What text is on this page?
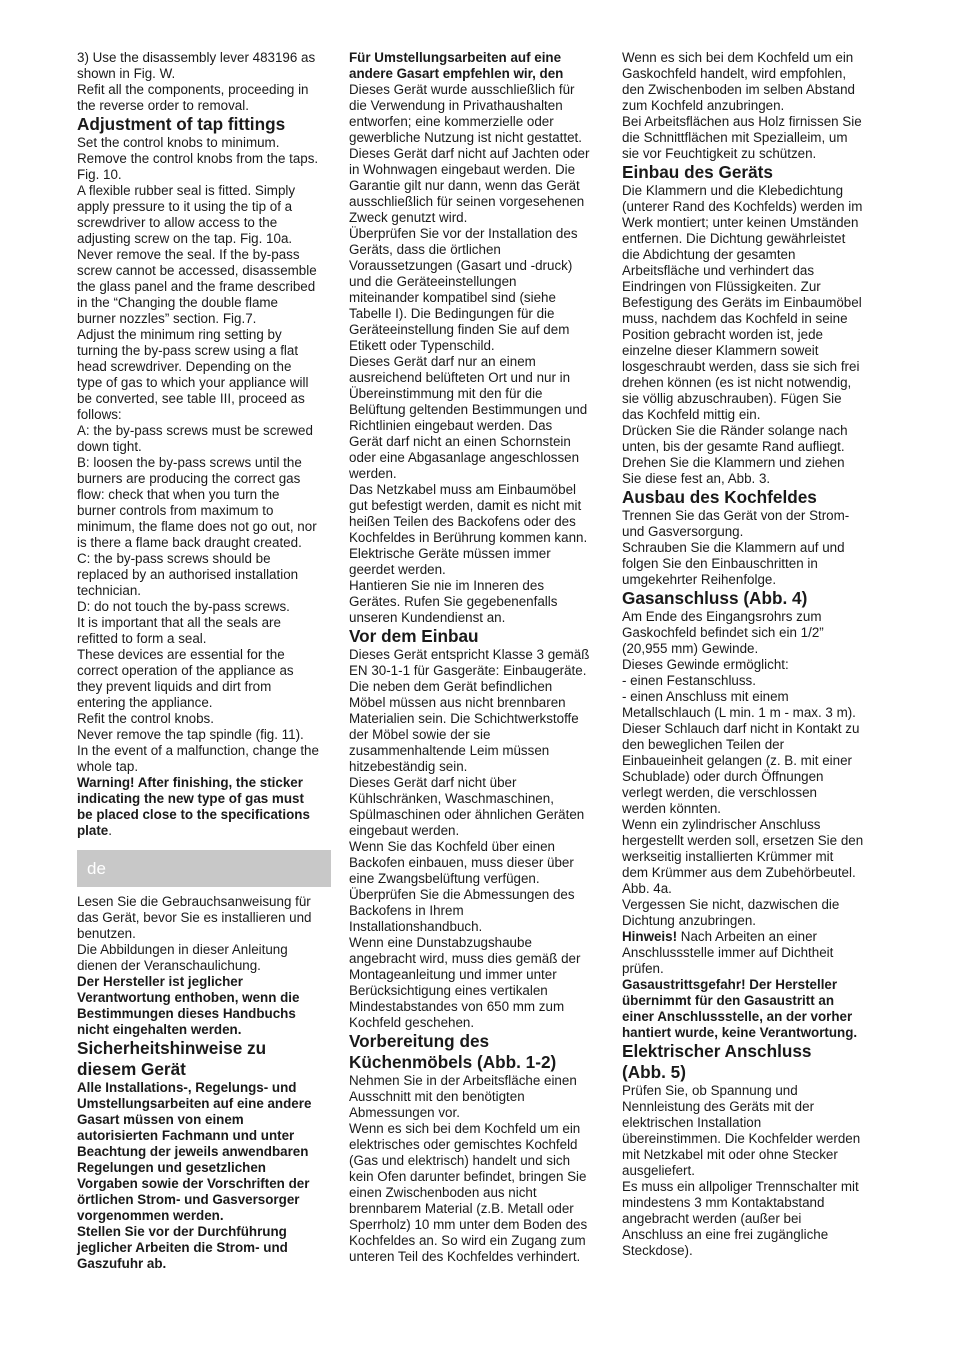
3) Use the disassembly lever 483196 as
shown in Fig. W.
Refit all the components, proceeding in
the reverse order to removal.

Adjustment of tap fittings

Set the control knobs to minimum.
Remove the control knobs from the taps.
Fig. 10.
A flexible rubber seal is fitted. Simply
apply pressure to it using the tip of a
screwdriver to allow access to the
adjusting screw on the tap. Fig. 10a.
Never remove the seal. If the by-pass
screw cannot be accessed, disassemble
the glass panel and the frame described
in the “Changing the double flame
burner nozzles” section. Fig.7.
Adjust the minimum ring setting by
turning the by-pass screw using a flat
head screwdriver. Depending on the
type of gas to which your appliance will
be converted, see table III, proceed as
follows:
A: the by-pass screws must be screwed
down tight.
B: loosen the by-pass screws until the
burners are producing the correct gas
flow: check that when you turn the
burner controls from maximum to
minimum, the flame does not go out, nor
is there a flame back draught created.
C: the by-pass screws should be
replaced by an authorised installation
technician.
D: do not touch the by-pass screws.
It is important that all the seals are
refitted to form a seal.
These devices are essential for the
correct operation of the appliance as
they prevent liquids and dirt from
entering the appliance.
Refit the control knobs.
Never remove the tap spindle (fig. 11).
In the event of a malfunction, change the
whole tap.

Warning! After finishing, the sticker
indicating the new type of gas must
be placed close to the specifications
plate.

de

Lesen Sie die Gebrauchsanweisung für
das Gerät, bevor Sie es installieren und
benutzen.
Die Abbildungen in dieser Anleitung
dienen der Veranschaulichung.

Der Hersteller ist jeglicher
Verantwortung enthoben, wenn die
Bestimmungen dieses Handbuchs
nicht eingehalten werden.

Sicherheitshinweise zu
diesem Gerät

Alle Installations-, Regelungs- und
Umstellungsarbeiten auf eine andere
Gasart müssen von einem
autorisierten Fachmann und unter
Beachtung der jeweils anwendbaren
Regelungen und gesetzlichen
Vorgaben sowie der Vorschriften der
örtlichen Strom- und Gasversorger
vorgenommen werden.
Stellen Sie vor der Durchführung
jeglicher Arbeiten die Strom- und
Gaszufuhr ab.

Für Umstellungsarbeiten auf eine
andere Gasart empfehlen wir, den

Dieses Gerät wurde ausschließlich für
die Verwendung in Privathaushalten
entworfen; eine kommerzielle oder
gewerbliche Nutzung ist nicht gestattet.
Dieses Gerät darf nicht auf Jachten oder
in Wohnwagen eingebaut werden. Die
Garantie gilt nur dann, wenn das Gerät
ausschließlich für seinen vorgesehenen
Zweck genutzt wird.
Überprüfen Sie vor der Installation des
Geräts, dass die örtlichen
Voraussetzungen (Gasart und -druck)
und die Geräteeinstellungen
miteinander kompatibel sind (siehe
Tabelle I). Die Bedingungen für die
Geräteeinstellung finden Sie auf dem
Etikett oder Typenschild.
Dieses Gerät darf nur an einem
ausreichend belüfteten Ort und nur in
Übereinstimmung mit den für die
Belüftung geltenden Bestimmungen und
Richtlinien eingebaut werden. Das
Gerät darf nicht an einen Schornstein
oder eine Abgasanlage angeschlossen
werden.
Das Netzkabel muss am Einbaumöbel
gut befestigt werden, damit es nicht mit
heißen Teilen des Backofens oder des
Kochfeldes in Berührung kommen kann.
Elektrische Geräte müssen immer
geerdet werden.
Hantieren Sie nie im Inneren des
Gerätes. Rufen Sie gegebenenfalls
unseren Kundendienst an.

Vor dem Einbau

Dieses Gerät entspricht Klasse 3 gemäß
EN 30-1-1 für Gasgeräte: Einbaugeräte.
Die neben dem Gerät befindlichen
Möbel müssen aus nicht brennbaren
Materialien sein. Die Schichtwerkstoffe
der Möbel sowie der sie
zusammenhaltende Leim müssen
hitzebeständig sein.
Dieses Gerät darf nicht über
Kühlschränken, Waschmaschinen,
Spülmaschinen oder ähnlichen Geräten
eingebaut werden.
Wenn Sie das Kochfeld über einen
Backofen einbauen, muss dieser über
eine Zwangsbelüftung verfügen.
Überprüfen Sie die Abmessungen des
Backofens in Ihrem
Installationshandbuch.
Wenn eine Dunstabzugshaube
angebracht wird, muss dies gemäß der
Montageanleitung und immer unter
Berücksichtigung eines vertikalen
Mindestabstandes von 650 mm zum
Kochfeld geschehen.

Vorbereitung des
Küchenmöbels (Abb. 1-2)

Nehmen Sie in der Arbeitsfläche einen
Ausschnitt mit den benötigten
Abmessungen vor.
Wenn es sich bei dem Kochfeld um ein
elektrisches oder gemischtes Kochfeld
(Gas und elektrisch) handelt und sich
kein Ofen darunter befindet, bringen Sie
einen Zwischenboden aus nicht
brennbarem Material (z.B. Metall oder
Sperrholz) 10 mm unter dem Boden des
Kochfeldes an. So wird ein Zugang zum
unteren Teil des Kochfeldes verhindert.

Wenn es sich bei dem Kochfeld um ein
Gaskochfeld handelt, wird empfohlen,
den Zwischenboden im selben Abstand
zum Kochfeld anzubringen.
Bei Arbeitsflächen aus Holz firnissen Sie
die Schnittflächen mit Spezialleim, um
sie vor Feuchtigkeit zu schützen.

Einbau des Geräts

Die Klammern und die Klebedichtung
(unterer Rand des Kochfelds) werden im
Werk montiert; unter keinen Umständen
entfernen. Die Dichtung gewährleistet
die Abdichtung der gesamten
Arbeitsfläche und verhindert das
Eindringen von Flüssigkeiten. Zur
Befestigung des Geräts im Einbaumöbel
muss, nachdem das Kochfeld in seine
Position gebracht worden ist, jede
einzelne dieser Klammern soweit
losgeschraubt werden, dass sie sich frei
drehen können (es ist nicht notwendig,
sie völlig abzuschrauben). Fügen Sie
das Kochfeld mittig ein.
Drücken Sie die Ränder solange nach
unten, bis der gesamte Rand aufliegt.
Drehen Sie die Klammern und ziehen
Sie diese fest an, Abb. 3.

Ausbau des Kochfeldes

Trennen Sie das Gerät von der Strom-
und Gasversorgung.
Schrauben Sie die Klammern auf und
folgen Sie den Einbauschritten in
umgekehrter Reihenfolge.

Gasanschluss (Abb. 4)

Am Ende des Eingangsrohrs zum
Gaskochfeld befindet sich ein 1/2”
(20,955 mm) Gewinde.
Dieses Gewinde ermöglicht:
- einen Festanschluss.
- einen Anschluss mit einem
Metallschlauch (L min. 1 m - max. 3 m).
Dieser Schlauch darf nicht in Kontakt zu
den beweglichen Teilen der
Einbaueinheit gelangen (z. B. mit einer
Schublade) oder durch Öffnungen
verlegt werden, die verschlossen
werden könnten.
Wenn ein zylindrischer Anschluss
hergestellt werden soll, ersetzen Sie den
werkseitig installierten Krümmer mit
dem Krümmer aus dem Zubehörbeutel.
Abb. 4a.
Vergessen Sie nicht, dazwischen die
Dichtung anzubringen.

Hinweis! Nach Arbeiten an einer
Anschlussstelle immer auf Dichtheit
prüfen.

Gasaustrittsgefahr! Der Hersteller
übernimmt für den Gasaustritt an
einer Anschlussstelle, an der vorher
hantiert wurde, keine Verantwortung.

Elektrischer Anschluss
(Abb. 5)

Prüfen Sie, ob Spannung und
Nennleistung des Geräts mit der
elektrischen Installation
übereinstimmen. Die Kochfelder werden
mit Netzkabel mit oder ohne Stecker
ausgeliefert.
Es muss ein allpoliger Trennschalter mit
mindestens 3 mm Kontaktabstand
angebracht werden (außer bei
Anschluss an eine frei zugängliche
Steckdose).
